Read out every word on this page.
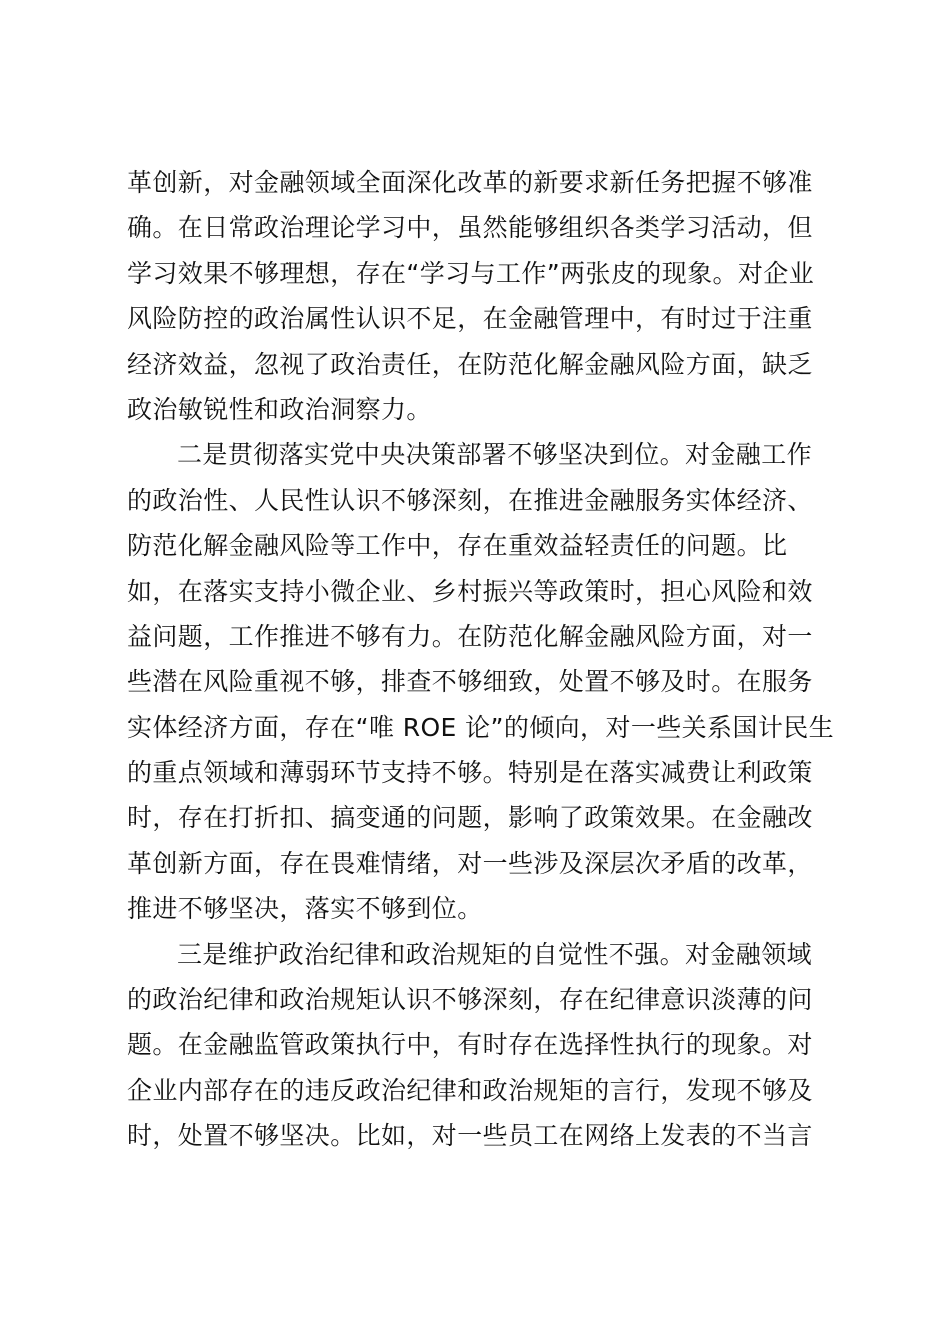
革创新，对金融领域全面深化改革的新要求新任务把握不够准
确。在日常政治理论学习中，虽然能够组织各类学习活动，但
学习效果不够理想，存在“学习与工作”两张皮的现象。对企业
风险防控的政治属性认识不足，在金融管理中，有时过于注重
经济效益，忽视了政治责任，在防范化解金融风险方面，缺乏
政治敏锐性和政治洞察力。
二是贯彻落实党中央决策部署不够坚决到位。对金融工作
的政治性、人民性认识不够深刻，在推进金融服务实体经济、
防范化解金融风险等工作中，存在重效益轻责任的问题。比
如，在落实支持小微企业、乡村振兴等政策时，担心风险和效
益问题，工作推进不够有力。在防范化解金融风险方面，对一
些潜在风险重视不够，排查不够细致，处置不够及时。在服务
实体经济方面，存在“唯 ROE 论”的倾向，对一些关系国计民生
的重点领域和薄弱环节支持不够。特别是在落实减费让利政策
时，存在打折扣、搞变通的问题，影响了政策效果。在金融改
革创新方面，存在畏难情绪，对一些涉及深层次矛盾的改革，
推进不够坚决，落实不够到位。
三是维护政治纪律和政治规矩的自觉性不强。对金融领域
的政治纪律和政治规矩认识不够深刻，存在纪律意识淡薄的问
题。在金融监管政策执行中，有时存在选择性执行的现象。对
企业内部存在的违反政治纪律和政治规矩的言行，发现不够及
时，处置不够坚决。比如，对一些员工在网络上发表的不当言
